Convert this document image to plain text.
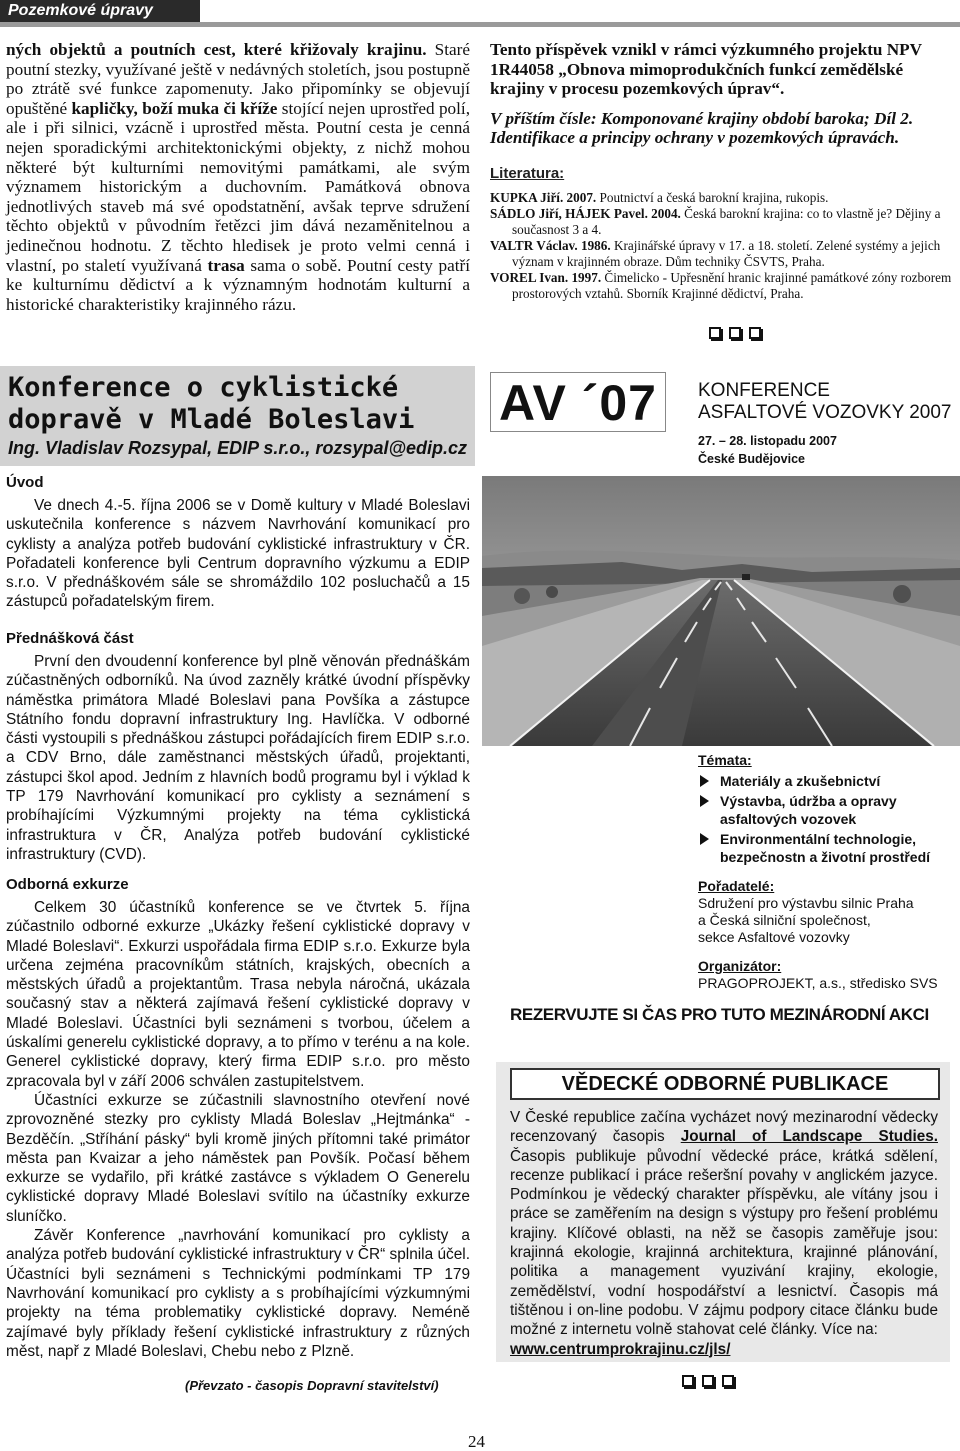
Pozemkové úpravy

ných objektů a poutních cest, které křižovaly krajinu. Staré poutní stezky, využívané ještě v nedávných stoletích, jsou postupně po ztrátě své funkce zapomenuty. Jako připomínky se objevují opuštěné kapličky, boží muka či kříže stojící nejen uprostřed polí, ale i při silnici, vzácně i uprostřed města. Poutní cesta je cenná nejen sporadickými architektonickými objekty, z nichž mohou některé být kulturními nemovitými památkami, ale svým významem historickým a duchovním. Památková obnova jednotlivých staveb má své opodstatnění, avšak teprve sdružení těchto objektů v původním řetězci jim dává nezaměnitelnou a jedinečnou hodnotu. Z těchto hledisek je proto velmi cenná i vlastní, po staletí využívaná trasa sama o sobě. Poutní cesty patří ke kulturnímu dědictví a k významným hodnotám kulturní a historické charakteristiky krajinného rázu.

Tento příspěvek vznikl v rámci výzkumného projektu NPV 1R44058 „Obnova mimoprodukčních funkcí zemědělské krajiny v procesu pozemkových úprav“.

V příštím čísle: Komponované krajiny období baroka; Díl 2. Identifikace a principy ochrany v pozemkových úpravách.

Literatura:

KUPKA Jiří. 2007. Poutnictví a česká barokní krajina, rukopis.

SÁDLO Jiří, HÁJEK Pavel. 2004. Česká barokní krajina: co to vlastně je? Dějiny a současnost 3 a 4.

VALTR Václav. 1986. Krajinářské úpravy v 17. a 18. století. Zelené systémy a jejich význam v krajinném obraze. Dům techniky ČSVTS, Praha.

VOREL Ivan. 1997. Čimelicko - Upřesnění hranic krajinné památkové zóny rozborem prostorových vztahů. Sborník Krajinné dědictví, Praha.

Konference o cyklistické dopravě v Mladé Boleslavi
Ing. Vladislav Rozsypal, EDIP s.r.o., rozsypal@edip.cz
Úvod
Ve dnech 4.-5. října 2006 se v Domě kultury v Mladé Boleslavi uskutečnila konference s názvem Navrhování komunikací pro cyklisty a analýza potřeb budování cyklistické infrastruktury v ČR. Pořadateli konference byli Centrum dopravního výzkumu a EDIP s.r.o. V přednáškovém sále se shromáždilo 102 posluchačů a 15 zástupců pořadatelským firem.
Přednášková část
První den dvoudenní konference byl plně věnován přednáškám zúčastněných odborníků. Na úvod zazněly krátké úvodní příspěvky náměstka primátora Mladé Boleslavi pana Povšíka a zástupce Státního fondu dopravní infrastruktury Ing. Havlíčka. V odborné části vystoupili s přednáškou zástupci pořádajících firem EDIP s.r.o. a CDV Brno, dále zaměstnanci městských úřadů, projektanti, zástupci škol apod. Jedním z hlavních bodů programu byl i výklad k TP 179 Navrhování komunikací pro cyklisty a seznámení s probíhajícími Výzkumnými projekty na téma cyklistická infrastruktura v ČR, Analýza potřeb budování cyklistické infrastruktury (CVD).
Odborná exkurze
Celkem 30 účastníků konference se ve čtvrtek 5. října zúčastnilo odborné exkurze „Ukázky řešení cyklistické dopravy v Mladé Boleslavi“. Exkurzi uspořádala firma EDIP s.r.o. Exkurze byla určena zejména pracovníkům státních, krajských, obecních a městských úřadů a projektantům. Trasa nebyla náročná, ukázala současný stav a některá zajímavá řešení cyklistické dopravy v Mladé Boleslavi. Účastníci byli seznámeni s tvorbou, účelem a úskalími generelu cyklistické dopravy, a to přímo v terénu a na kole. Generel cyklistické dopravy, který firma EDIP s.r.o. pro město zpracovala byl v září 2006 schválen zastupitelstvem.
Účastníci exkurze se zúčastnili slavnostního otevření nové zprovozněné stezky pro cyklisty Mladá Boleslav „Hejtmánka“ - Bezděčín. „Stříhání pásky“ byli kromě jiných přítomni také primátor města pan Kvaizar a jeho náměstek pan Povšík. Počasí během exkurze se vydařilo, při krátké zastávce s výkladem O Generelu cyklistické dopravy Mladé Boleslavi svítilo na účastníky exkurze sluníčko.
Závěr Konference „navrhování komunikací pro cyklisty a analýza potřeb budování cyklistické infrastruktury v ČR“ splnila účel. Účastníci byli seznámeni s Technickými podmínkami TP 179 Navrhování komunikací pro cyklisty a s probíhajícími výzkumnými projekty na téma problematiky cyklistické dopravy. Neméně zajímavé byly příklady řešení cyklistické infrastruktury z různých měst, např z Mladé Boleslavi, Chebu nebo z Plzně.
(Převzato - časopis Dopravní stavitelství)
AV ´07	KONFERENCE
ASFALTOVÉ VOZOVKY 2007
27. – 28. listopadu 2007
České Budějovice
Témata:
Materiály a zkušebnictví
Výstavba, údržba a opravy asfaltových vozovek
Environmentální technologie, bezpečnostn a životní prostředí
Pořadatelé:
Sdružení pro výstavbu silnic Praha
a Česká silniční společnost,
sekce Asfaltové vozovky
Organizátor:
PRAGOPROJEKT, a.s., středisko SVS
REZERVUJTE SI ČAS PRO TUTO MEZINÁRODNÍ AKCI
VĚDECKÉ ODBORNÉ PUBLIKACE
V České republice začína vycházet nový mezinarodní vědecky recenzovaný časopis Journal of Landscape Studies. Časopis publikuje původní vědecké práce, krátká sdělení, recenze publikací i práce rešeršní povahy v anglickém jazyce. Podmínkou je vědecký charakter příspěvku, ale vítány jsou i práce se zaměřením na design s výstupy pro řešení problému krajiny. Klíčové oblasti, na něž se časopis zaměřuje jsou: krajinná ekologie, krajinná architektura, krajinné plánování, politika a management vyuzivání krajiny, ekologie, zemědělství, vodní hospodářství a lesnictví. Časopis má tištěnou i on-line podobu. V zájmu podpory citace článku bude možné z internetu volně stahovat celé články. Více na:
www.centrumprokrajinu.cz/jls/
24
